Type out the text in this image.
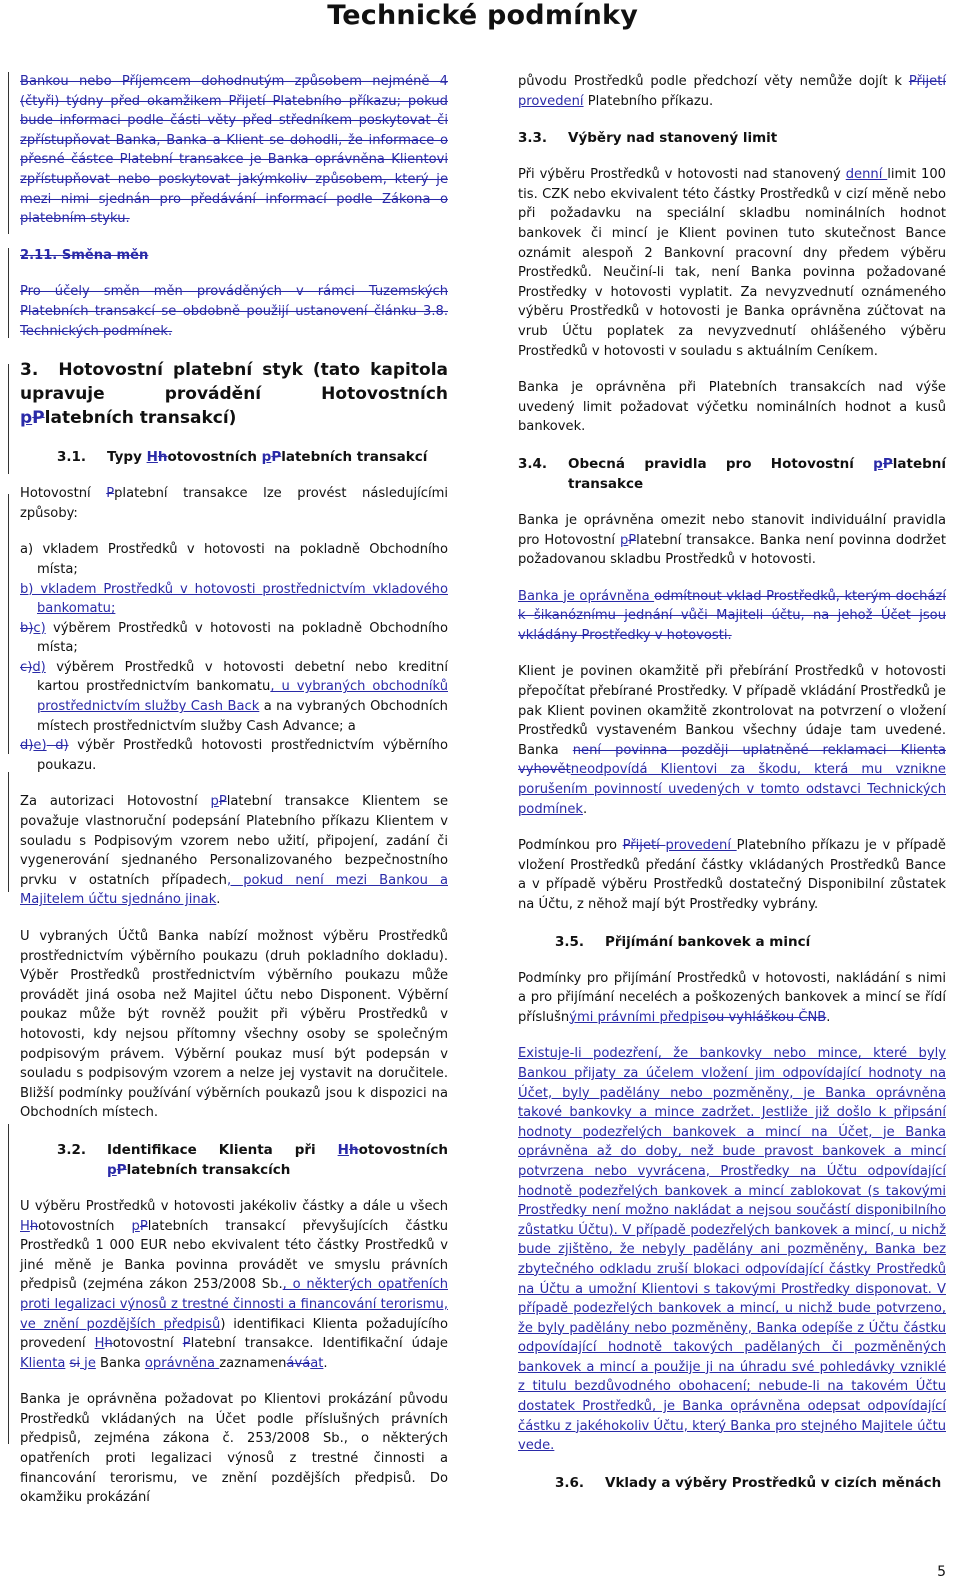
Technické podmínky

Bankou nebo Příjemcem dohodnutým způsobem nejméně 4 (čtyři) týdny před okamžikem Přijetí Platebního příkazu; pokud bude informaci podle části věty před středníkem poskytovat či zpřístupňovat Banka, Banka a Klient se dohodli, že informace o přesné částce Platební transakce je Banka oprávněna Klientovi zpřístupňovat nebo poskytovat jakýmkoliv způsobem, který je mezi nimi sjednán pro předávání informací podle Zákona o platebním styku.

2.11. Směna měn

Pro účely směn měn prováděných v rámci Tuzemských Platebních transakcí se obdobně použijí ustanovení článku 3.8. Technických podmínek.

3. Hotovostní platební styk (tato kapitola upravuje provádění Hotovostních pPlatebních transakcí)
3.1.	Typy Hhotovostních pPlatebních transakcí

Hotovostní Pplatební transakce lze provést následujícími způsoby:

a) vkladem Prostředků v hotovosti na pokladně Obchodního místa;
b) vkladem Prostředků v hotovosti prostřednictvím vkladového bankomatu;
b)c) výběrem Prostředků v hotovosti na pokladně Obchodního místa;
c)d) výběrem Prostředků v hotovosti debetní nebo kreditní kartou prostřednictvím bankomatu, u vybraných obchodníků prostřednictvím služby Cash Back a na vybraných Obchodních místech prostřednictvím služby Cash Advance; a
d)e) d) výběr Prostředků hotovosti prostřednictvím výběrního poukazu.

Za autorizaci Hotovostní pPlatební transakce Klientem se považuje vlastnoruční podepsání Platebního příkazu Klientem v souladu s Podpisovým vzorem nebo užití, připojení, zadání či vygenerování sjednaného Personalizovaného bezpečnostního prvku v ostatních případech, pokud není mezi Bankou a Majitelem účtu sjednáno jinak.

U vybraných Účtů Banka nabízí možnost výběru Prostředků prostřednictvím výběrního poukazu (druh pokladního dokladu). Výběr Prostředků prostřednictvím výběrního poukazu může provádět jiná osoba než Majitel účtu nebo Disponent. Výběrní poukaz může být rovněž použit při výběru Prostředků v hotovosti, kdy nejsou přítomny všechny osoby se společným podpisovým právem. Výběrní poukaz musí být podepsán v souladu s podpisovým vzorem a nelze jej vystavit na doručitele. Bližší podmínky používání výběrních poukazů jsou k dispozici na Obchodních místech.

3.2.	Identifikace Klienta při Hhotovostních pPlatebních transakcích

U výběru Prostředků v hotovosti jakékoliv částky a dále u všech Hhotovostních pPlatebních transakcí převyšujících částku Prostředků 1 000 EUR nebo ekvivalent této částky Prostředků v jiné měně je Banka povinna provádět ve smyslu právních předpisů (zejména zákon 253/2008 Sb., o některých opatřeních proti legalizaci výnosů z trestné činnosti a financování terorismu, ve znění pozdějších předpisů) identifikaci Klienta požadujícího provedení Hhotovostní Platební transakce. Identifikační údaje Klienta si je Banka oprávněna zaznamenáváat.

Banka je oprávněna požadovat po Klientovi prokázání původu Prostředků vkládaných na Účet podle příslušných právních předpisů, zejména zákona č. 253/2008 Sb., o některých opatřeních proti legalizaci výnosů z trestné činnosti a financování terorismu, ve znění pozdějších předpisů. Do okamžiku prokázání

původu Prostředků podle předchozí věty nemůže dojít k Přijetí provedení Platebního příkazu.

3.3.	Výběry nad stanovený limit

Při výběru Prostředků v hotovosti nad stanovený denní limit 100 tis. CZK nebo ekvivalent této částky Prostředků v cizí měně nebo při požadavku na speciální skladbu nominálních hodnot bankovek či mincí je Klient povinen tuto skutečnost Bance oznámit alespoň 2 Bankovní pracovní dny předem výběru Prostředků. Neučiní-li tak, není Banka povinna požadované Prostředky v hotovosti vyplatit. Za nevyzvednutí oznámeného výběru Prostředků v hotovosti je Banka oprávněna zúčtovat na vrub Účtu poplatek za nevyzvednutí ohlášeného výběru Prostředků v hotovosti v souladu s aktuálním Ceníkem.

Banka je oprávněna při Platebních transakcích nad výše uvedený limit požadovat výčetku nominálních hodnot a kusů bankovek.

3.4.	Obecná pravidla pro Hotovostní pPlatební transakce

Banka je oprávněna omezit nebo stanovit individuální pravidla pro Hotovostní pPlatební transakce. Banka není povinna dodržet požadovanou skladbu Prostředků v hotovosti.

Banka je oprávněna odmítnout vklad Prostředků, kterým dochází k šikanóznímu jednání vůči Majiteli účtu, na jehož Účet jsou vkládány Prostředky v hotovosti.

Klient je povinen okamžitě při přebírání Prostředků v hotovosti přepočítat přebírané Prostředky. V případě vkládání Prostředků je pak Klient povinen okamžitě zkontrolovat na potvrzení o vložení Prostředků vystaveném Bankou všechny údaje tam uvedené. Banka není povinna později uplatněné reklamaci Klienta vyhovětneodpovídá Klientovi za škodu, která mu vznikne porušením povinností uvedených v tomto odstavci Technických podmínek.

Podmínkou pro Přijetí provedení Platebního příkazu je v případě vložení Prostředků předání částky vkládaných Prostředků Bance a v případě výběru Prostředků dostatečný Disponibilní zůstatek na Účtu, z něhož mají být Prostředky vybrány.

3.5.	Přijímání bankovek a mincí

Podmínky pro přijímání Prostředků v hotovosti, nakládání s nimi a pro přijímání neceléch a poškozených bankovek a mincí se řídí příslušnými právními předpisou vyhláškou ČNB.

Existuje-li podezření, že bankovky nebo mince, které byly Bankou přijaty za účelem vložení jim odpovídající hodnoty na Účet, byly padělány nebo pozměněny, je Banka oprávněna takové bankovky a mince zadržet. Jestliže již došlo k připsání hodnoty podezřelých bankovek a mincí na Účet, je Banka oprávněna až do doby, než bude pravost bankovek a mincí potvrzena nebo vyvrácena, Prostředky na Účtu odpovídající hodnotě podezřelých bankovek a mincí zablokovat (s takovými Prostředky není možno nakládat a nejsou součástí disponibilního zůstatku Účtu). V případě podezřelých bankovek a mincí, u nichž bude zjištěno, že nebyly padělány ani pozměněny, Banka bez zbytečného odkladu zruší blokaci odpovídající částky Prostředků na Účtu a umožní Klientovi s takovými Prostředky disponovat. V případě podezřelých bankovek a mincí, u nichž bude potvrzeno, že byly padělány nebo pozměněny, Banka odepíše z Účtu částku odpovídající hodnotě takových padělaných či pozměněných bankovek a mincí a použije ji na úhradu své pohledávky vzniklé z titulu bezdůvodného obohacení; nebude-li na takovém Účtu dostatek Prostředků, je Banka oprávněna odepsat odpovídající částku z jakéhokoliv Účtu, který Banka pro stejného Majitele účtu vede.

3.6.	Vklady a výběry Prostředků v cizích měnách
5
